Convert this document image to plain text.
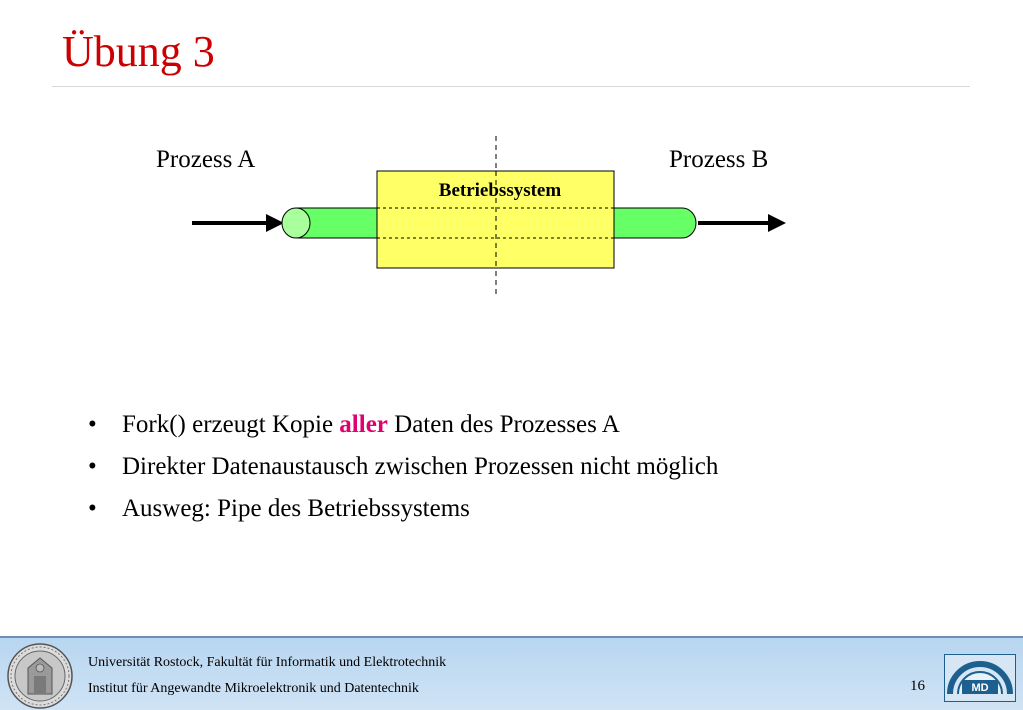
Übung 3
Prozess A	Prozess B
Betriebssystem
• Fork() erzeugt Kopie aller Daten des Prozesses A
• Direkter Datenaustausch zwischen Prozessen nicht möglich
• Ausweg: Pipe des Betriebssystems
Universität Rostock, Fakultät für Informatik und Elektrotechnik
Institut für Angewandte Mikroelektronik und Datentechnik	16	MD
